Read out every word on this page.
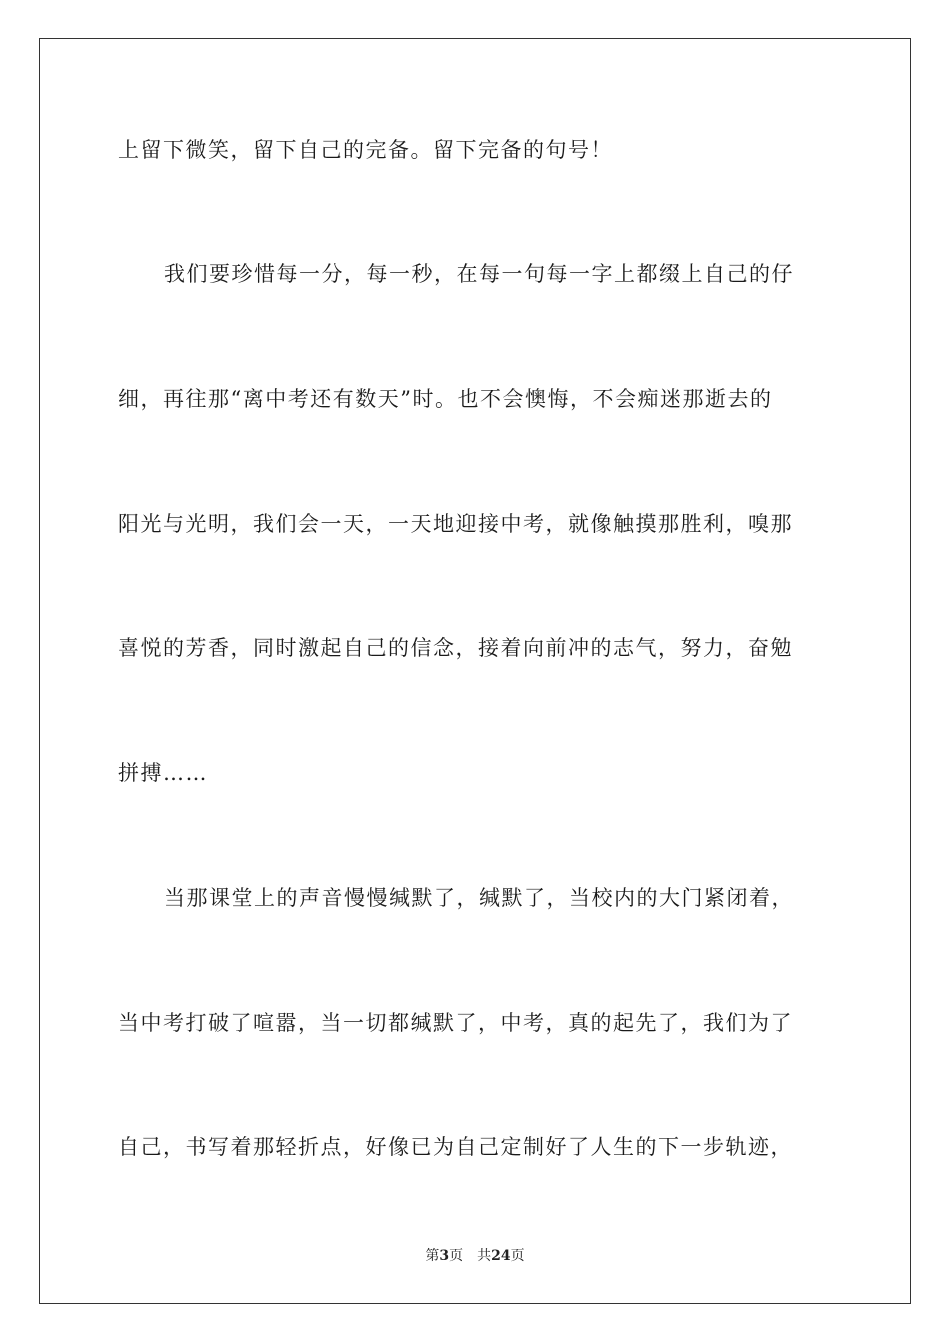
上留下微笑，留下自己的完备。留下完备的句号！
我们要珍惜每一分，每一秒，在每一句每一字上都缀上自己的仔
细，再往那“离中考还有数天”时。也不会懊悔，不会痴迷那逝去的
阳光与光明，我们会一天，一天地迎接中考，就像触摸那胜利，嗅那
喜悦的芳香，同时激起自己的信念，接着向前冲的志气，努力，奋勉
拼搏……
当那课堂上的声音慢慢缄默了，缄默了，当校内的大门紧闭着，
当中考打破了喧嚣，当一切都缄默了，中考，真的起先了，我们为了
自己，书写着那轻折点，好像已为自己定制好了人生的下一步轨迹，
第3页 共24页
